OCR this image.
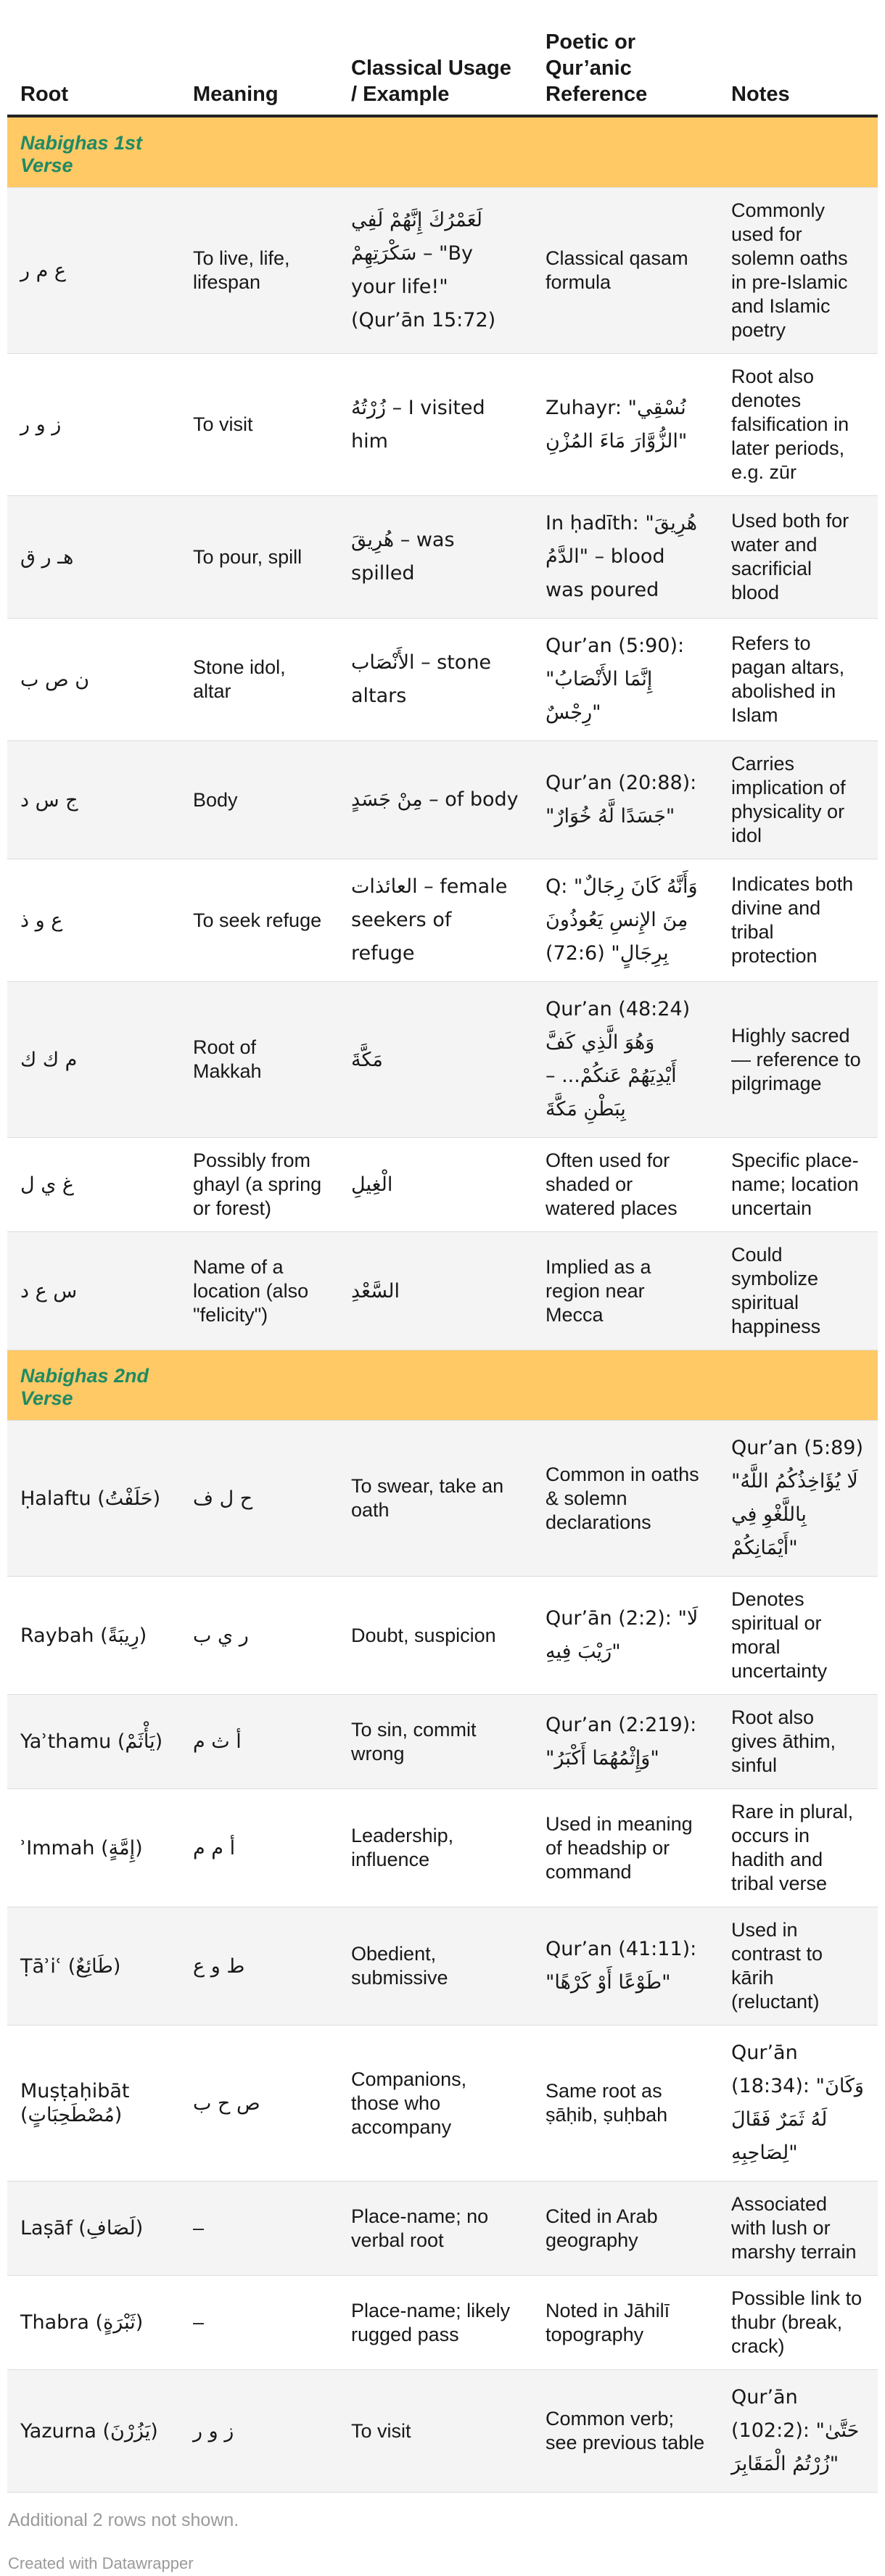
Root	Meaning	Classical Usage / Example	Poetic or Qur’anic Reference	Notes
Nabighas 1st Verse				
ع م ر	To live, life, lifespan	لَعَمْرُكَ إِنَّهُمْ لَفِي سَكْرَتِهِمْ – "By your life!" (Qur’ān 15:72)	Classical qasam formula	Commonly used for solemn oaths in pre-Islamic and Islamic poetry
ز و ر	To visit	زُرْتُهُ – I visited him	Zuhayr: "نُسْقِي الزُّوَّارَ مَاءَ المُزْنِ"	Root also denotes falsification in later periods, e.g. zūr
هـ ر ق	To pour, spill	هُرِيقَ – was spilled	In ḥadīth: "هُرِيقَ الدَّمُ" – blood was poured	Used both for water and sacrificial blood
ن ص ب	Stone idol, altar	الأَنْصَاب – stone altars	Qur’an (5:90): "إِنَّمَا الأَنْصَابُ رِجْسٌ"	Refers to pagan altars, abolished in Islam
ج س د	Body	مِنْ جَسَدٍ – of body	Qur’an (20:88): "جَسَدًا لَّهُ خُوَارٌ"	Carries implication of physicality or idol
ع و ذ	To seek refuge	العائذات – female seekers of refuge	Q: "وَأَنَّهُ كَانَ رِجَالٌ مِنَ الإِنسِ يَعُوذُونَ بِرِجَالٍ" (72:6)	Indicates both divine and tribal protection
م ك ك	Root of Makkah	مَكَّةَ	Qur’an (48:24) وَهُوَ الَّذِي كَفَّ أَيْدِيَهُمْ عَنكُمْ... – بِبَطْنِ مَكَّةَ	Highly sacred — reference to pilgrimage
غ ي ل	Possibly from ghayl (a spring or forest)	الْغِيلِ	Often used for shaded or watered places	Specific place-name; location uncertain
س ع د	Name of a location (also "felicity")	السَّعْدِ	Implied as a region near Mecca	Could symbolize spiritual happiness
Nabighas 2nd Verse				
Ḥalaftu (حَلَفْتُ)	ح ل ف	To swear, take an oath	Common in oaths & solemn declarations	Qur’an (5:89) "لَا يُؤَاخِذُكُمُ اللَّهُ بِاللَّغْوِ فِي أَيْمَانِكُمْ"
Raybah (رِيبَةً)	ر ي ب	Doubt, suspicion	Qur’ān (2:2): "لَا رَيْبَ فِيهِ"	Denotes spiritual or moral uncertainty
Yaʾthamu (يَأْثَمْ)	أ ث م	To sin, commit wrong	Qur’an (2:219): "وَإِثْمُهُمَا أَكْبَرُ"	Root also gives āthim, sinful
ʾImmah (إِمَّةٍ)	أ م م	Leadership, influence	Used in meaning of headship or command	Rare in plural, occurs in hadith and tribal verse
Ṭāʾiʿ (طَائِعٌ)	ط و ع	Obedient, submissive	Qur’an (41:11): "طَوْعًا أَوْ كَرْهًا"	Used in contrast to kārih (reluctant)
Muṣṭaḥibāt (مُصْطَحِبَاتٍ)	ص ح ب	Companions, those who accompany	Same root as ṣāḥib, ṣuḥbah	Qur’ān (18:34): "وَكَانَ لَهُ ثَمَرٌ فَقَالَ لِصَاحِبِهِ"
Laṣāf (لَصَافِ)	–	Place-name; no verbal root	Cited in Arab geography	Associated with lush or marshy terrain
Thabra (ثَبْرَةٍ)	–	Place-name; likely rugged pass	Noted in Jāhilī topography	Possible link to thubr (break, crack)
Yazurna (يَزُرْنَ)	ز و ر	To visit	Common verb; see previous table	Qur’ān (102:2): "حَتَّىٰ زُرْتُمُ الْمَقَابِرَ"
Additional 2 rows not shown.
Created with Datawrapper
